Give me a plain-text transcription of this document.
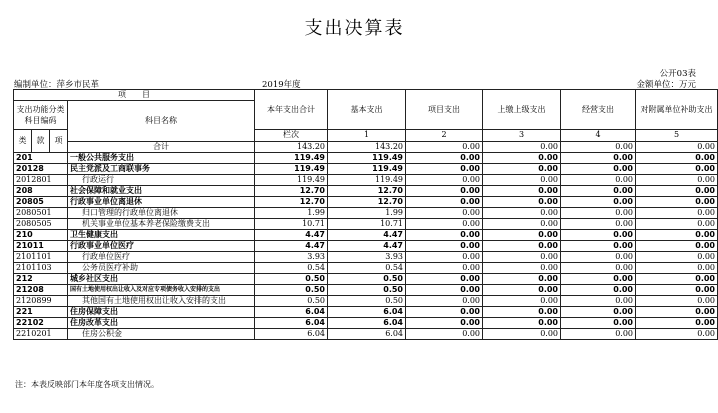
支出决算表
公开03表
编制单位：萍乡市民革	2019年度	金额单位：万元
项　　目				本年支出合计	基本支出	项目支出	上缴上级支出	经营支出	对附属单位补助支出	
支出功能分类科目编码			科目名称							

类	款	项		栏次	1	2	3	4	5	
			合计	143.20	143.20	0.00	0.00	0.00	0.00	
201			一般公共服务支出	119.49	119.49	0.00	0.00	0.00	0.00	
20128			民主党派及工商联事务	119.49	119.49	0.00	0.00	0.00	0.00	
2012801			行政运行	119.49	119.49	0.00	0.00	0.00	0.00	
208			社会保障和就业支出	12.70	12.70	0.00	0.00	0.00	0.00	
20805			行政事业单位离退休	12.70	12.70	0.00	0.00	0.00	0.00	
2080501			归口管理的行政单位离退休	1.99	1.99	0.00	0.00	0.00	0.00	
2080505			机关事业单位基本养老保险缴费支出	10.71	10.71	0.00	0.00	0.00	0.00	
210			卫生健康支出	4.47	4.47	0.00	0.00	0.00	0.00	
21011			行政事业单位医疗	4.47	4.47	0.00	0.00	0.00	0.00	
2101101			行政单位医疗	3.93	3.93	0.00	0.00	0.00	0.00	
2101103			公务员医疗补助	0.54	0.54	0.00	0.00	0.00	0.00	
212			城乡社区支出	0.50	0.50	0.00	0.00	0.00	0.00	
21208			国有土地使用权出让收入及对应专项债务收入安排的支出	0.50	0.50	0.00	0.00	0.00	0.00	
2120899			其他国有土地使用权出让收入安排的支出	0.50	0.50	0.00	0.00	0.00	0.00	
221			住房保障支出	6.04	6.04	0.00	0.00	0.00	0.00	
22102			住房改革支出	6.04	6.04	0.00	0.00	0.00	0.00	
2210201			住房公积金	6.04	6.04	0.00	0.00	0.00	0.00	
注：本表反映部门本年度各项支出情况。
